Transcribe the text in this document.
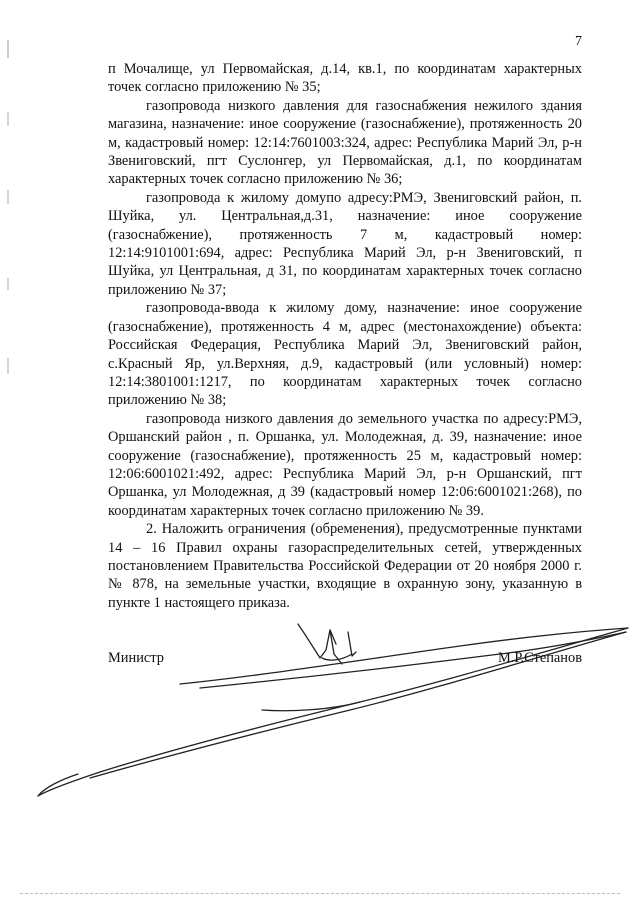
7

п Мочалище, ул Первомайская, д.14, кв.1, по координатам характерных точек согласно приложению № 35;

газопровода низкого давления для газоснабжения нежилого здания магазина, назначение: иное сооружение (газоснабжение), протяженность 20 м, кадастровый номер: 12:14:7601003:324, адрес: Республика Марий Эл, р-н Звениговский, пгт Суслонгер, ул Первомайская, д.1, по координатам характерных точек согласно приложению № 36;

газопровода к жилому домупо адресу:РМЭ, Звениговский район, п. Шуйка, ул. Центральная,д.31, назначение: иное сооружение (газоснабжение), протяженность 7 м, кадастровый номер: 12:14:9101001:694, адрес: Республика Марий Эл, р-н Звениговский, п Шуйка, ул Центральная, д 31, по координатам характерных точек согласно приложению № 37;

газопровода-ввода к жилому дому, назначение: иное сооружение (газоснабжение), протяженность 4 м, адрес (местонахождение) объекта: Российская Федерация, Республика Марий Эл, Звениговский район, с.Красный Яр, ул.Верхняя, д.9, кадастровый (или условный) номер: 12:14:3801001:1217, по координатам характерных точек согласно приложению № 38;

газопровода низкого давления до земельного участка по адресу:РМЭ, Оршанский район , п. Оршанка, ул. Молодежная, д. 39, назначение: иное сооружение (газоснабжение), протяженность 25 м, кадастровый номер: 12:06:6001021:492, адрес: Республика Марий Эл, р-н Оршанский, пгт Оршанка, ул Молодежная, д 39 (кадастровый номер 12:06:6001021:268), по координатам характерных точек согласно приложению № 39.

2. Наложить ограничения (обременения), предусмотренные пунктами 14 – 16 Правил охраны газораспределительных сетей, утвержденных постановлением Правительства Российской Федерации от 20 ноября 2000 г. № 878, на земельные участки, входящие в охранную зону, указанную в пункте 1 настоящего приказа.

Министр	М.Р.Степанов
